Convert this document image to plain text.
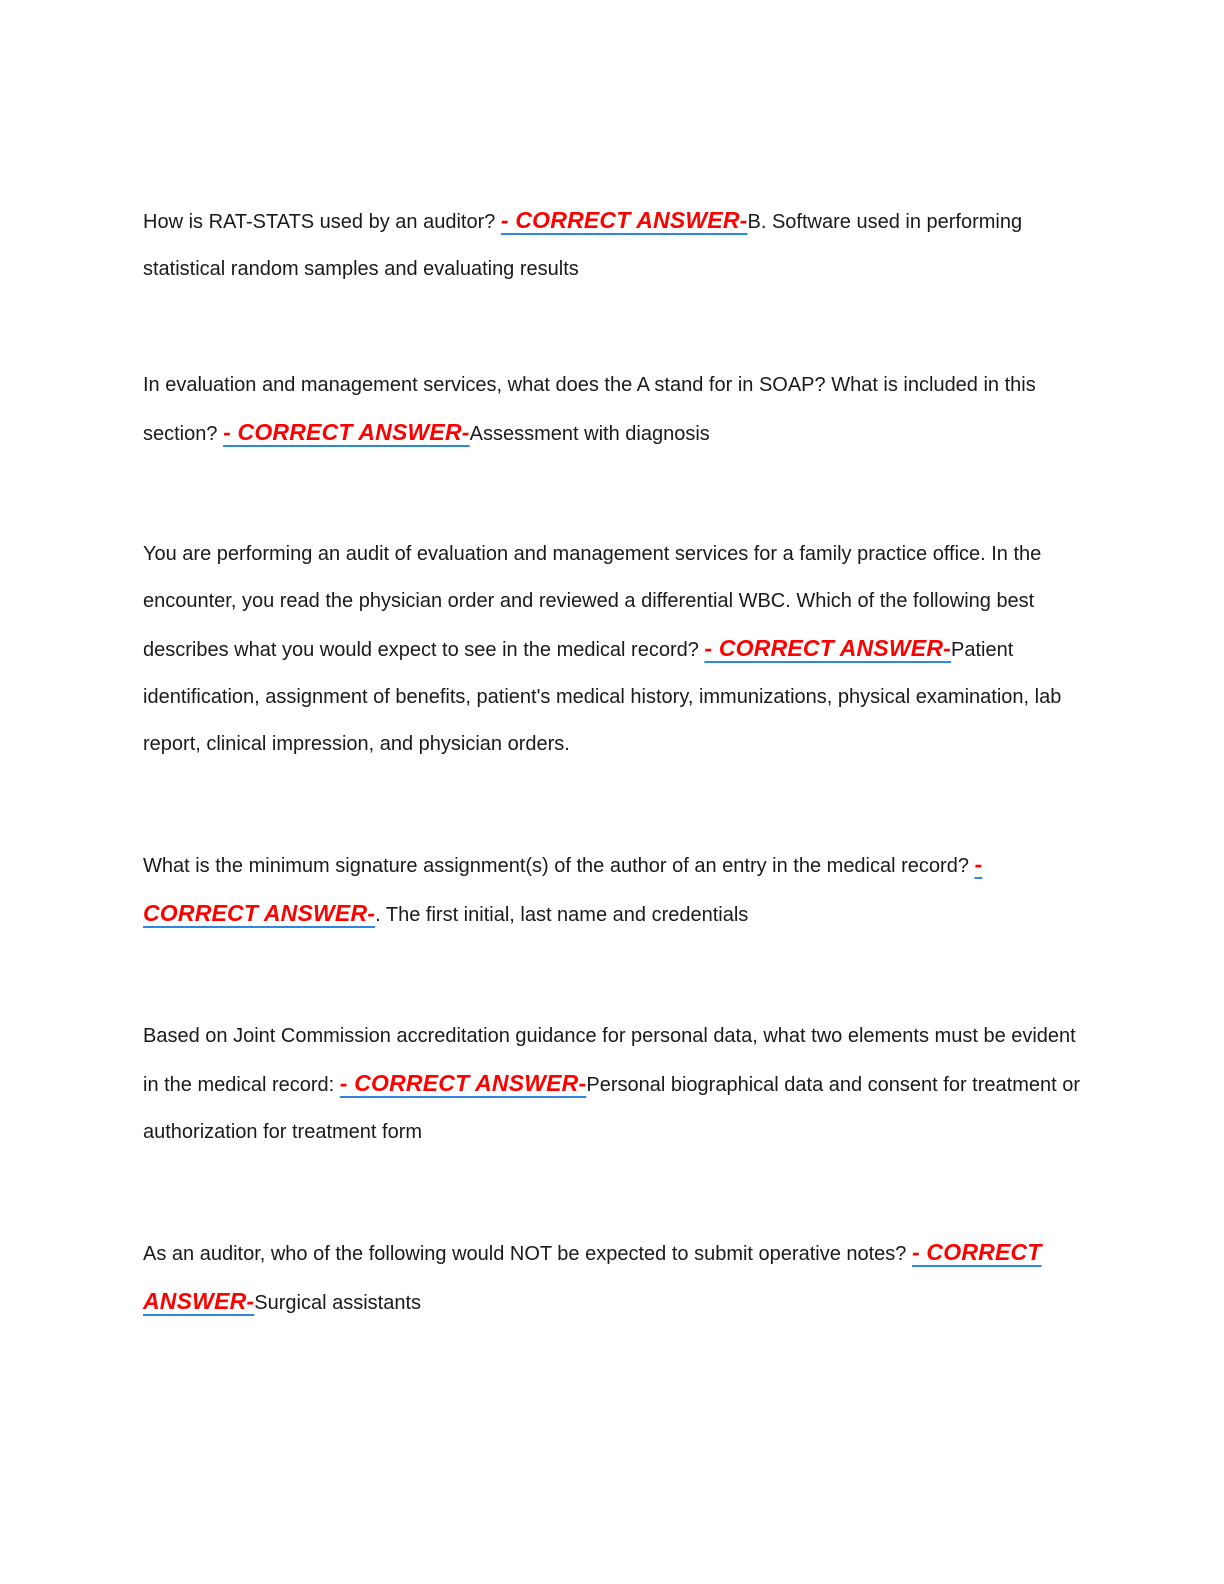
How is RAT-STATS used by an auditor? - CORRECT ANSWER-B. Software used in performing statistical random samples and evaluating results
In evaluation and management services, what does the A stand for in SOAP? What is included in this section? - CORRECT ANSWER-Assessment with diagnosis
You are performing an audit of evaluation and management services for a family practice office. In the encounter, you read the physician order and reviewed a differential WBC. Which of the following best describes what you would expect to see in the medical record? - CORRECT ANSWER-Patient identification, assignment of benefits, patient's medical history, immunizations, physical examination, lab report, clinical impression, and physician orders.
What is the minimum signature assignment(s) of the author of an entry in the medical record? - CORRECT ANSWER-. The first initial, last name and credentials
Based on Joint Commission accreditation guidance for personal data, what two elements must be evident in the medical record: - CORRECT ANSWER-Personal biographical data and consent for treatment or authorization for treatment form
As an auditor, who of the following would NOT be expected to submit operative notes? - CORRECT ANSWER-Surgical assistants
